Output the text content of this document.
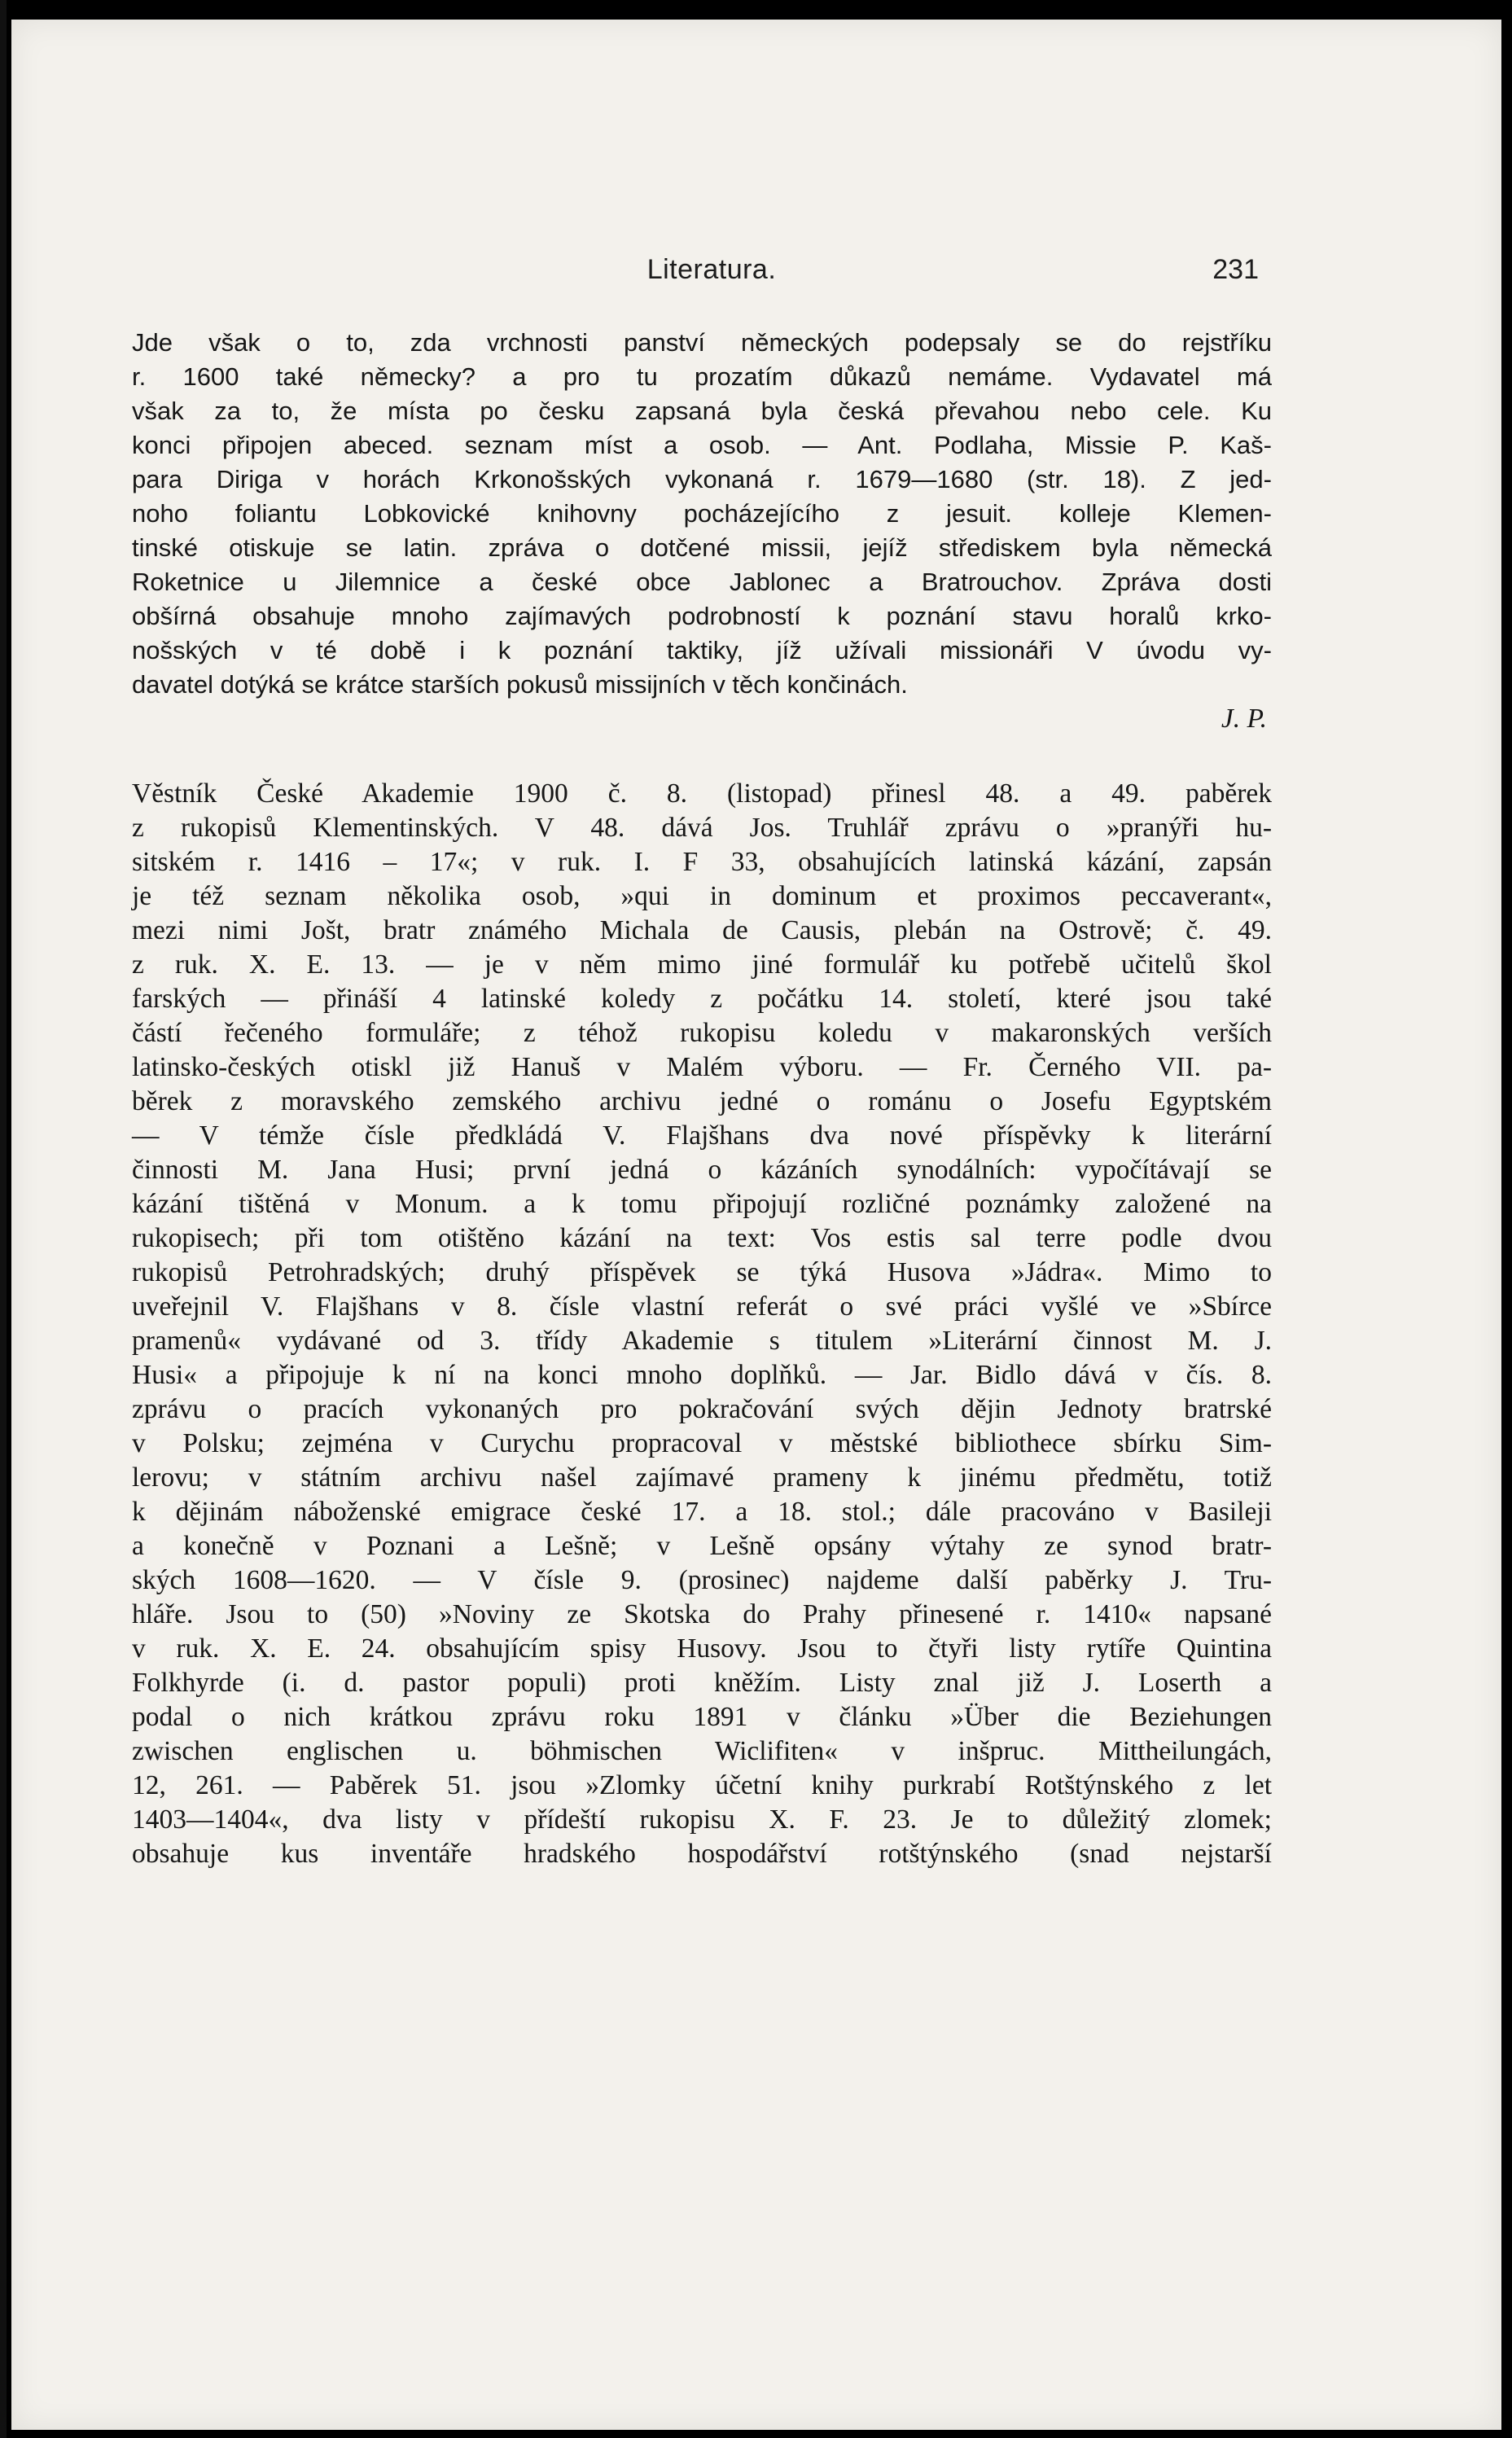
Literatura.	231
Jde však o to, zda vrchnosti panství německých podepsaly se do rejstříku
r. 1600 také německy? a pro tu prozatím důkazů nemáme. Vydavatel má
však za to, že místa po česku zapsaná byla česká převahou nebo cele. Ku
konci připojen abeced. seznam míst a osob. — Ant. Podlaha, Missie P. Kaš-
para Diriga v horách Krkonošských vykonaná r. 1679—1680 (str. 18). Z jed-
noho foliantu Lobkovické knihovny pocházejícího z jesuit. kolleje Klemen-
tinské otiskuje se latin. zpráva o dotčené missii, jejíž střediskem byla německá
Roketnice u Jilemnice a české obce Jablonec a Bratrouchov. Zpráva dosti
obšírná obsahuje mnoho zajímavých podrobností k poznání stavu horalů krko-
nošských v té době i k poznání taktiky, jíž užívali missionáři V úvodu vy-
davatel dotýká se krátce starších pokusů missijních v těch končinách.
J. P.
Věstník České Akademie 1900 č. 8. (listopad) přinesl 48. a 49. paběrek
z rukopisů Klementinských. V 48. dává Jos. Truhlář zprávu o »pranýři hu-
sitském r. 1416 – 17«; v ruk. I. F 33, obsahujících latinská kázání, zapsán
je též seznam několika osob, »qui in dominum et proximos peccaverant«,
mezi nimi Jošt, bratr známého Michala de Causis, plebán na Ostrově; č. 49.
z ruk. X. E. 13. — je v něm mimo jiné formulář ku potřebě učitelů škol
farských — přináší 4 latinské koledy z počátku 14. století, které jsou také
částí řečeného formuláře; z téhož rukopisu koledu v makaronských verších
latinsko-českých otiskl již Hanuš v Malém výboru. — Fr. Černého VII. pa-
běrek z moravského zemského archivu jedné o románu o Josefu Egyptském
— V témže čísle předkládá V. Flajšhans dva nové příspěvky k literární
činnosti M. Jana Husi; první jedná o kázáních synodálních: vypočítávají se
kázání tištěná v Monum. a k tomu připojují rozličné poznámky založené na
rukopisech; při tom otištěno kázání na text: Vos estis sal terre podle dvou
rukopisů Petrohradských; druhý příspěvek se týká Husova »Jádra«. Mimo to
uveřejnil V. Flajšhans v 8. čísle vlastní referát o své práci vyšlé ve »Sbírce
pramenů« vydávané od 3. třídy Akademie s titulem »Literární činnost M. J.
Husi« a připojuje k ní na konci mnoho doplňků. — Jar. Bidlo dává v čís. 8.
zprávu o pracích vykonaných pro pokračování svých dějin Jednoty bratrské
v Polsku; zejména v Curychu propracoval v městské bibliothece sbírku Sim-
lerovu; v státním archivu našel zajímavé prameny k jinému předmětu, totiž
k dějinám náboženské emigrace české 17. a 18. stol.; dále pracováno v Basileji
a konečně v Poznani a Lešně; v Lešně opsány výtahy ze synod bratr-
ských 1608—1620. — V čísle 9. (prosinec) najdeme další paběrky J. Tru-
hláře. Jsou to (50) »Noviny ze Skotska do Prahy přinesené r. 1410« napsané
v ruk. X. E. 24. obsahujícím spisy Husovy. Jsou to čtyři listy rytíře Quintina
Folkhyrde (i. d. pastor populi) proti kněžím. Listy znal již J. Loserth a
podal o nich krátkou zprávu roku 1891 v článku »Über die Beziehungen
zwischen englischen u. böhmischen Wiclifiten« v inšpruc. Mittheilungách,
12, 261. — Paběrek 51. jsou »Zlomky účetní knihy purkrabí Rotštýnského z let
1403—1404«, dva listy v přídeští rukopisu X. F. 23. Je to důležitý zlomek;
obsahuje kus inventáře hradského hospodářství rotštýnského (snad nejstarší
